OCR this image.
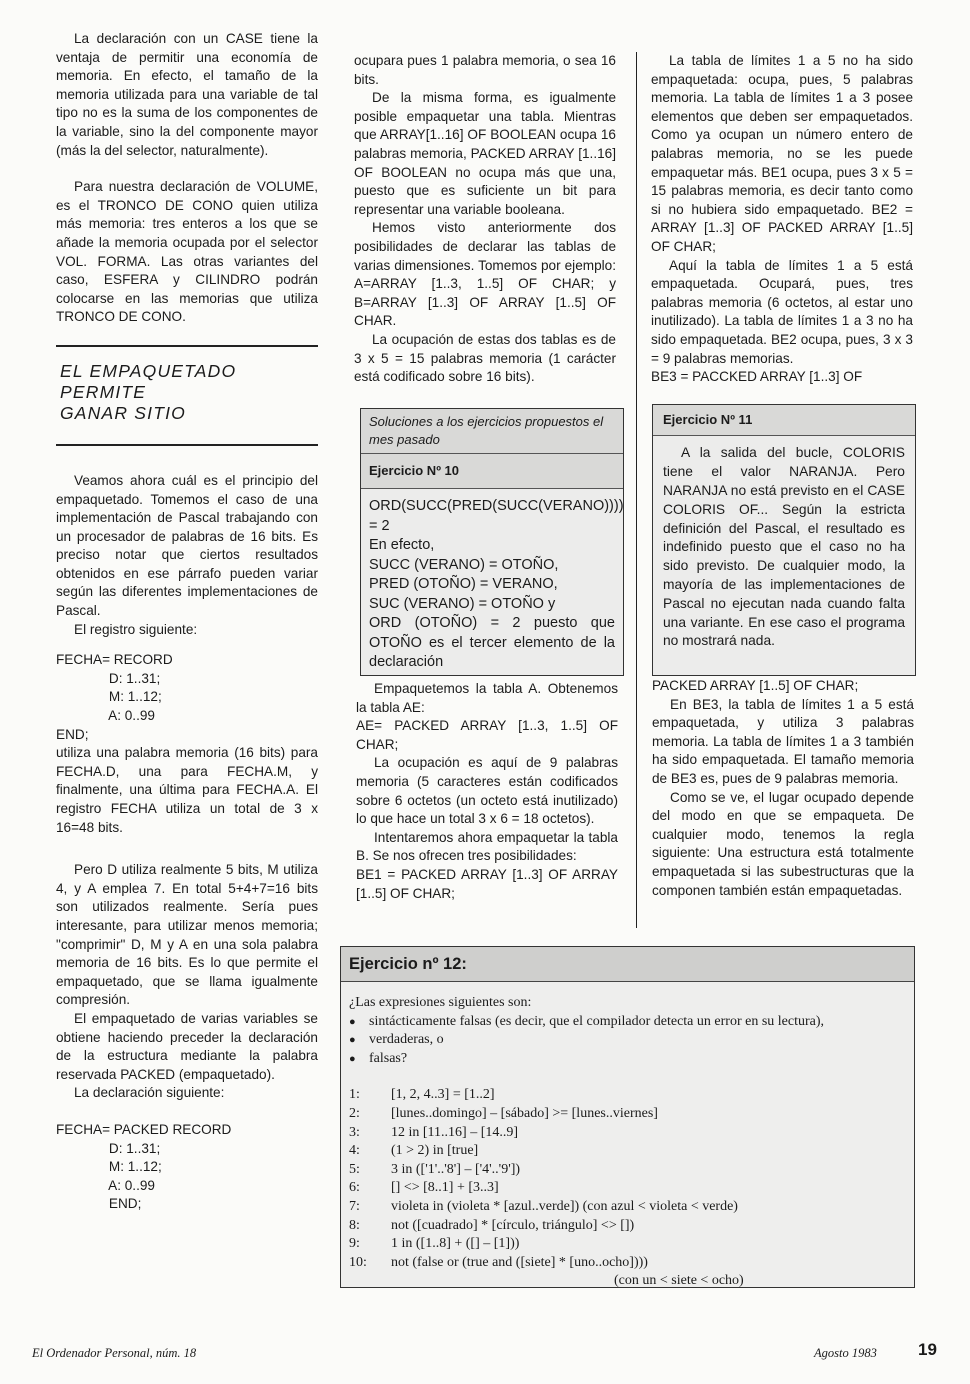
La declaración con un CASE tiene la ventaja de permitir una economía de memoria. En efecto, el tamaño de la memoria utilizada para una variable de tal tipo no es la suma de los componentes de la variable, sino la del componente mayor (más la del selector, naturalmente).

Para nuestra declaración de VOLUME, es el TRONCO DE CONO quien utiliza más memoria: tres enteros a los que se añade la memoria ocupada por el selector VOL. FORMA. Las otras variantes del caso, ESFERA y CILINDRO podrán colocarse en las memorias que utiliza TRONCO DE CONO.

EL EMPAQUETADO
PERMITE
GANAR SITIO

Veamos ahora cuál es el principio del empaquetado. Tomemos el caso de una implementación de Pascal trabajando con un procesador de palabras de 16 bits. Es preciso notar que ciertos resultados obtenidos en ese párrafo pueden variar según las diferentes implementaciones de Pascal.

El registro siguiente:

FECHA= RECORD
D: 1..31;
M: 1..12;
A: 0..99
END;

utiliza una palabra memoria (16 bits) para FECHA.D, una para FECHA.M, y finalmente, una última para FECHA.A. El registro FECHA utiliza un total de 3 x 16=48 bits.

Pero D utiliza realmente 5 bits, M utiliza 4, y A emplea 7. En total 5+4+7=16 bits son utilizados realmente. Sería pues interesante, para utilizar menos memoria; "comprimir" D, M y A en una sola palabra memoria de 16 bits. Es lo que permite el empaquetado, que se llama igualmente compresión.

El empaquetado de varias variables se obtiene haciendo preceder la declaración de la estructura mediante la palabra reservada PACKED (empaquetado).

La declaración siguiente:

FECHA= PACKED RECORD
D: 1..31;
M: 1..12;
A: 0..99
END;

ocupara pues 1 palabra memoria, o sea 16 bits.

De la misma forma, es igualmente posible empaquetar una tabla. Mientras que ARRAY[1..16] OF BOOLEAN ocupa 16 palabras memoria, PACKED ARRAY [1..16] OF BOOLEAN no ocupa más que una, puesto que es suficiente un bit para representar una variable booleana.

Hemos visto anteriormente dos posibilidades de declarar las tablas de varias dimensiones. Tomemos por ejemplo: A=ARRAY [1..3, 1..5] OF CHAR; y B=ARRAY [1..3] OF ARRAY [1..5] OF CHAR.

La ocupación de estas dos tablas es de 3 x 5 = 15 palabras memoria (1 carácter está codificado sobre 16 bits).

Soluciones a los ejercicios propuestos el mes pasado
Ejercicio Nº 10

ORD(SUCC(PRED(SUCC(VERANO)))) = 2
En efecto,
SUCC (VERANO) = OTOÑO,
PRED (OTOÑO) = VERANO,
SUC (VERANO) = OTOÑO y
ORD (OTOÑO) = 2 puesto que OTOÑO es el tercer elemento de la declaración

Empaquetemos la tabla A. Obtenemos la tabla AE:

AE= PACKED ARRAY [1..3, 1..5] OF CHAR;

La ocupación es aquí de 9 palabras memoria (5 caracteres están codificados sobre 6 octetos (un octeto está inutilizado) lo que hace un total 3 x 6 = 18 octetos).

Intentaremos ahora empaquetar la tabla B. Se nos ofrecen tres posibilidades:

BE1 = PACKED ARRAY [1..3] OF ARRAY [1..5] OF CHAR;

La tabla de límites 1 a 5 no ha sido empaquetada: ocupa, pues, 5 palabras memoria. La tabla de límites 1 a 3 posee elementos que deben ser empaquetados. Como ya ocupan un número entero de palabras memoria, no se les puede empaquetar más. BE1 ocupa, pues 3 x 5 = 15 palabras memoria, es decir tanto como si no hubiera sido empaquetado. BE2 = ARRAY [1..3] OF PACKED ARRAY [1..5] OF CHAR;

Aquí la tabla de límites 1 a 5 está empaquetada. Ocupará, pues, tres palabras memoria (6 octetos, al estar uno inutilizado). La tabla de límites 1 a 3 no ha sido empaquetada. BE2 ocupa, pues, 3 x 3 = 9 palabras memorias.

BE3 = PACCKED ARRAY [1..3] OF

Ejercicio Nº 11

A la salida del bucle, COLORIS tiene el valor NARANJA. Pero NARANJA no está previsto en el CASE COLORIS OF... Según la estricta definición del Pascal, el resultado es indefinido puesto que el caso no ha sido previsto. De cualquier modo, la mayoría de las implementaciones de Pascal no ejecutan nada cuando falta una variante. En ese caso el programa no mostrará nada.

PACKED ARRAY [1..5] OF CHAR;

En BE3, la tabla de límites 1 a 5 está empaquetada, y utiliza 3 palabras memoria. La tabla de límites 1 a 3 también ha sido empaquetada. El tamaño memoria de BE3 es, pues de 9 palabras memoria.

Como se ve, el lugar ocupado depende del modo en que se empaqueta. De cualquier modo, tenemos la regla siguiente: Una estructura está totalmente empaquetada si las subestructuras que la componen también están empaquetadas.

Ejercicio nº 12:

¿Las expresiones siguientes son:

● sintácticamente falsas (es decir, que el compilador detecta un error en su lectura),

● verdaderas, o

● falsas?

1:	[1, 2, 4..3] = [1..2]
2:	[lunes..domingo] – [sábado] >= [lunes..viernes]
3:	12 in [11..16] – [14..9]
4:	(1 > 2) in [true]
5:	3 in (['1'..'8'] – ['4'..'9'])
6:	[] <> [8..1] + [3..3]
7:	violeta in (violeta * [azul..verde]) (con azul < violeta < verde)
8:	not ([cuadrado] * [círculo, triángulo] <> [])
9:	1 in ([1..8] + ([] – [1]))
10:	not (false or (true and ([siete] * [uno..ocho])))
(con un < siete < ocho)
El Ordenador Personal, núm. 18	Agosto 1983 19
